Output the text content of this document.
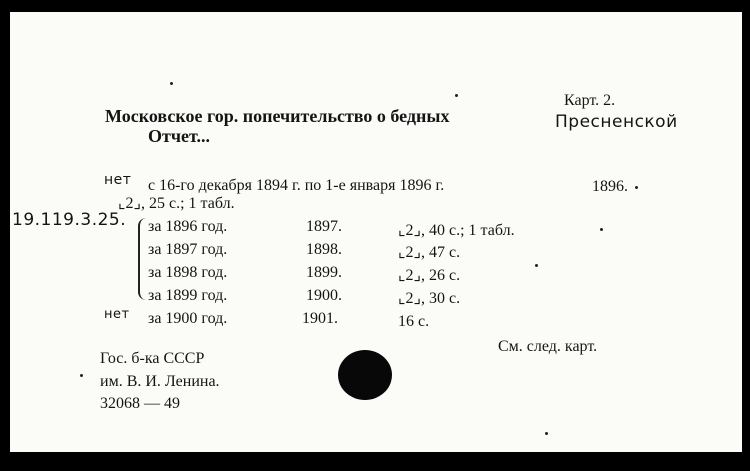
Карт. 2.
Московское гор. попечительство о бедных	Пресненской
Отчет...
19.119.3.25.
нет с 16-го декабря 1894 г. по 1-е января 1896 г.	1896.
⌞2⌟, 25 с.; 1 табл.
за 1896 год.	1897.	⌞2⌟, 40 с.; 1 табл.
за 1897 год.	1898.	⌞2⌟, 47 с.
за 1898 год.	1899.	⌞2⌟, 26 с.
за 1899 год.	1900.	⌞2⌟, 30 с.
нет за 1900 год.	1901.	16 с.
См. след. карт.
Гос. б-ка СССР
им. В. И. Ленина.
32068 — 49
